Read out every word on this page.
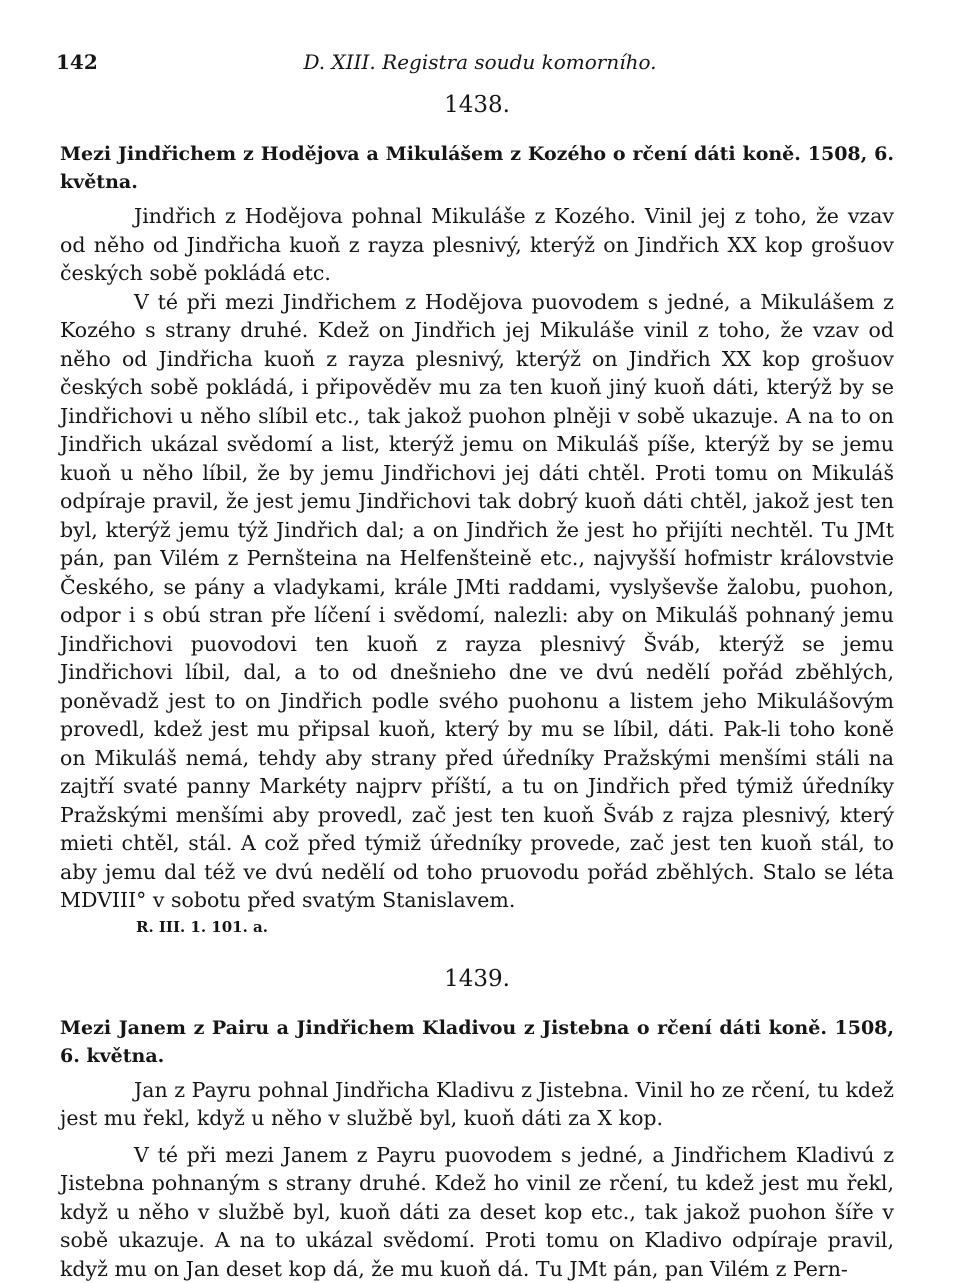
142	D. XIII. Registra soudu komorního.
1438.
Mezi Jindřichem z Hodějova a Mikulášem z Kozého o rčení dáti koně. 1508, 6. května.

Jindřich z Hodějova pohnal Mikuláše z Kozého. Vinil jej z toho, že vzav od něho od Jindřicha kuoň z rayza plesnivý, kterýž on Jindřich XX kop grošuov českých sobě pokládá etc.

V té při mezi Jindřichem z Hodějova puovodem s jedné, a Mikulášem z Kozého s strany druhé. Kdež on Jindřich jej Mikuláše vinil z toho, že vzav od něho od Jindřicha kuoň z rayza plesnivý, kterýž on Jindřich XX kop grošuov českých sobě pokládá, i připověděv mu za ten kuoň jiný kuoň dáti, kterýž by se Jindřichovi u něho slíbil etc., tak jakož puohon plněji v sobě ukazuje. A na to on Jindřich ukázal svědomí a list, kterýž jemu on Mikuláš píše, kterýž by se jemu kuoň u něho líbil, že by jemu Jindřichovi jej dáti chtěl. Proti tomu on Mikuláš odpíraje pravil, že jest jemu Jindřichovi tak dobrý kuoň dáti chtěl, jakož jest ten byl, kterýž jemu týž Jindřich dal; a on Jindřich že jest ho přijíti nechtěl. Tu JMt pán, pan Vilém z Pernšteina na Helfenšteině etc., najvyšší hofmistr královstvie Českého, se pány a vladykami, krále JMti raddami, vyslyševše žalobu, puohon, odpor i s obú stran pře líčení i svědomí, nalezli: aby on Mikuláš pohnaný jemu Jindřichovi puovodovi ten kuoň z rayza plesnivý Šváb, kterýž se jemu Jindřichovi líbil, dal, a to od dnešnieho dne ve dvú nedělí pořád zběhlých, poněvadž jest to on Jindřich podle svého puohonu a listem jeho Mikulášovým provedl, kdež jest mu připsal kuoň, který by mu se líbil, dáti. Pak-li toho koně on Mikuláš nemá, tehdy aby strany před úředníky Pražskými menšími stáli na zajtří svaté panny Markéty najprv příští, a tu on Jindřich před týmiž úředníky Pražskými menšími aby provedl, zač jest ten kuoň Šváb z rajza plesnivý, který mieti chtěl, stál. A což před týmiž úředníky provede, zač jest ten kuoň stál, to aby jemu dal též ve dvú nedělí od toho pruovodu pořád zběhlých. Stalo se léta MDVIII° v sobotu před svatým Stanislavem.

R. III. 1. 101. a.
1439.
Mezi Janem z Pairu a Jindřichem Kladivou z Jistebna o rčení dáti koně. 1508, 6. května.

Jan z Payru pohnal Jindřicha Kladivu z Jistebna. Vinil ho ze rčení, tu kdež jest mu řekl, když u něho v službě byl, kuoň dáti za X kop.

V té při mezi Janem z Payru puovodem s jedné, a Jindřichem Kladivú z Jistebna pohnaným s strany druhé. Kdež ho vinil ze rčení, tu kdež jest mu řekl, když u něho v službě byl, kuoň dáti za deset kop etc., tak jakož puohon šíře v sobě ukazuje. A na to ukázal svědomí. Proti tomu on Kladivo odpíraje pravil, když mu on Jan deset kop dá, že mu kuoň dá. Tu JMt pán, pan Vilém z Pern-
